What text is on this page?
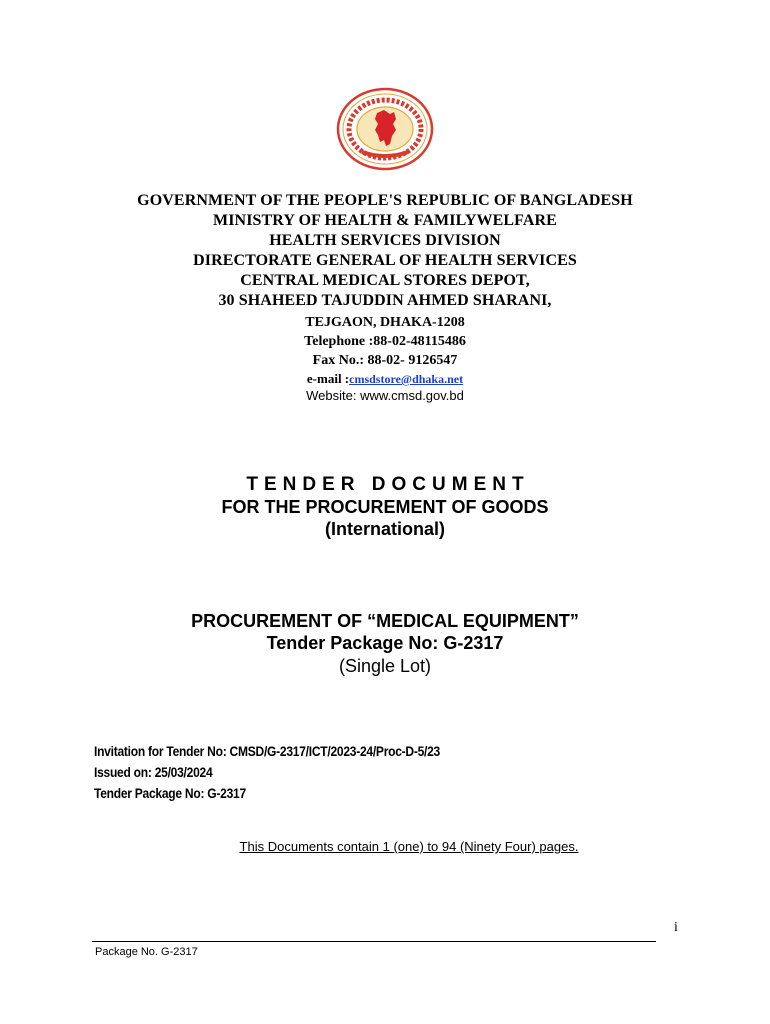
GOVERNMENT OF THE PEOPLE'S REPUBLIC OF BANGLADESH
MINISTRY OF HEALTH & FAMILYWELFARE
HEALTH SERVICES DIVISION
DIRECTORATE GENERAL OF HEALTH SERVICES
CENTRAL MEDICAL STORES DEPOT,
30 SHAHEED TAJUDDIN AHMED SHARANI,
TEJGAON, DHAKA-1208
Telephone :88-02-48115486
Fax No.: 88-02- 9126547
e-mail :cmsdstore@dhaka.net
Website: www.cmsd.gov.bd
TENDER DOCUMENT
FOR THE PROCUREMENT OF GOODS
(International)
PROCUREMENT OF “MEDICAL EQUIPMENT”
Tender Package No: G-2317
(Single Lot)
Invitation for Tender No: CMSD/G-2317/ICT/2023-24/Proc-D-5/23
Issued on: 25/03/2024
Tender Package No: G-2317
This Documents contain 1 (one) to 94 (Ninety Four) pages.
i
Package No. G-2317
